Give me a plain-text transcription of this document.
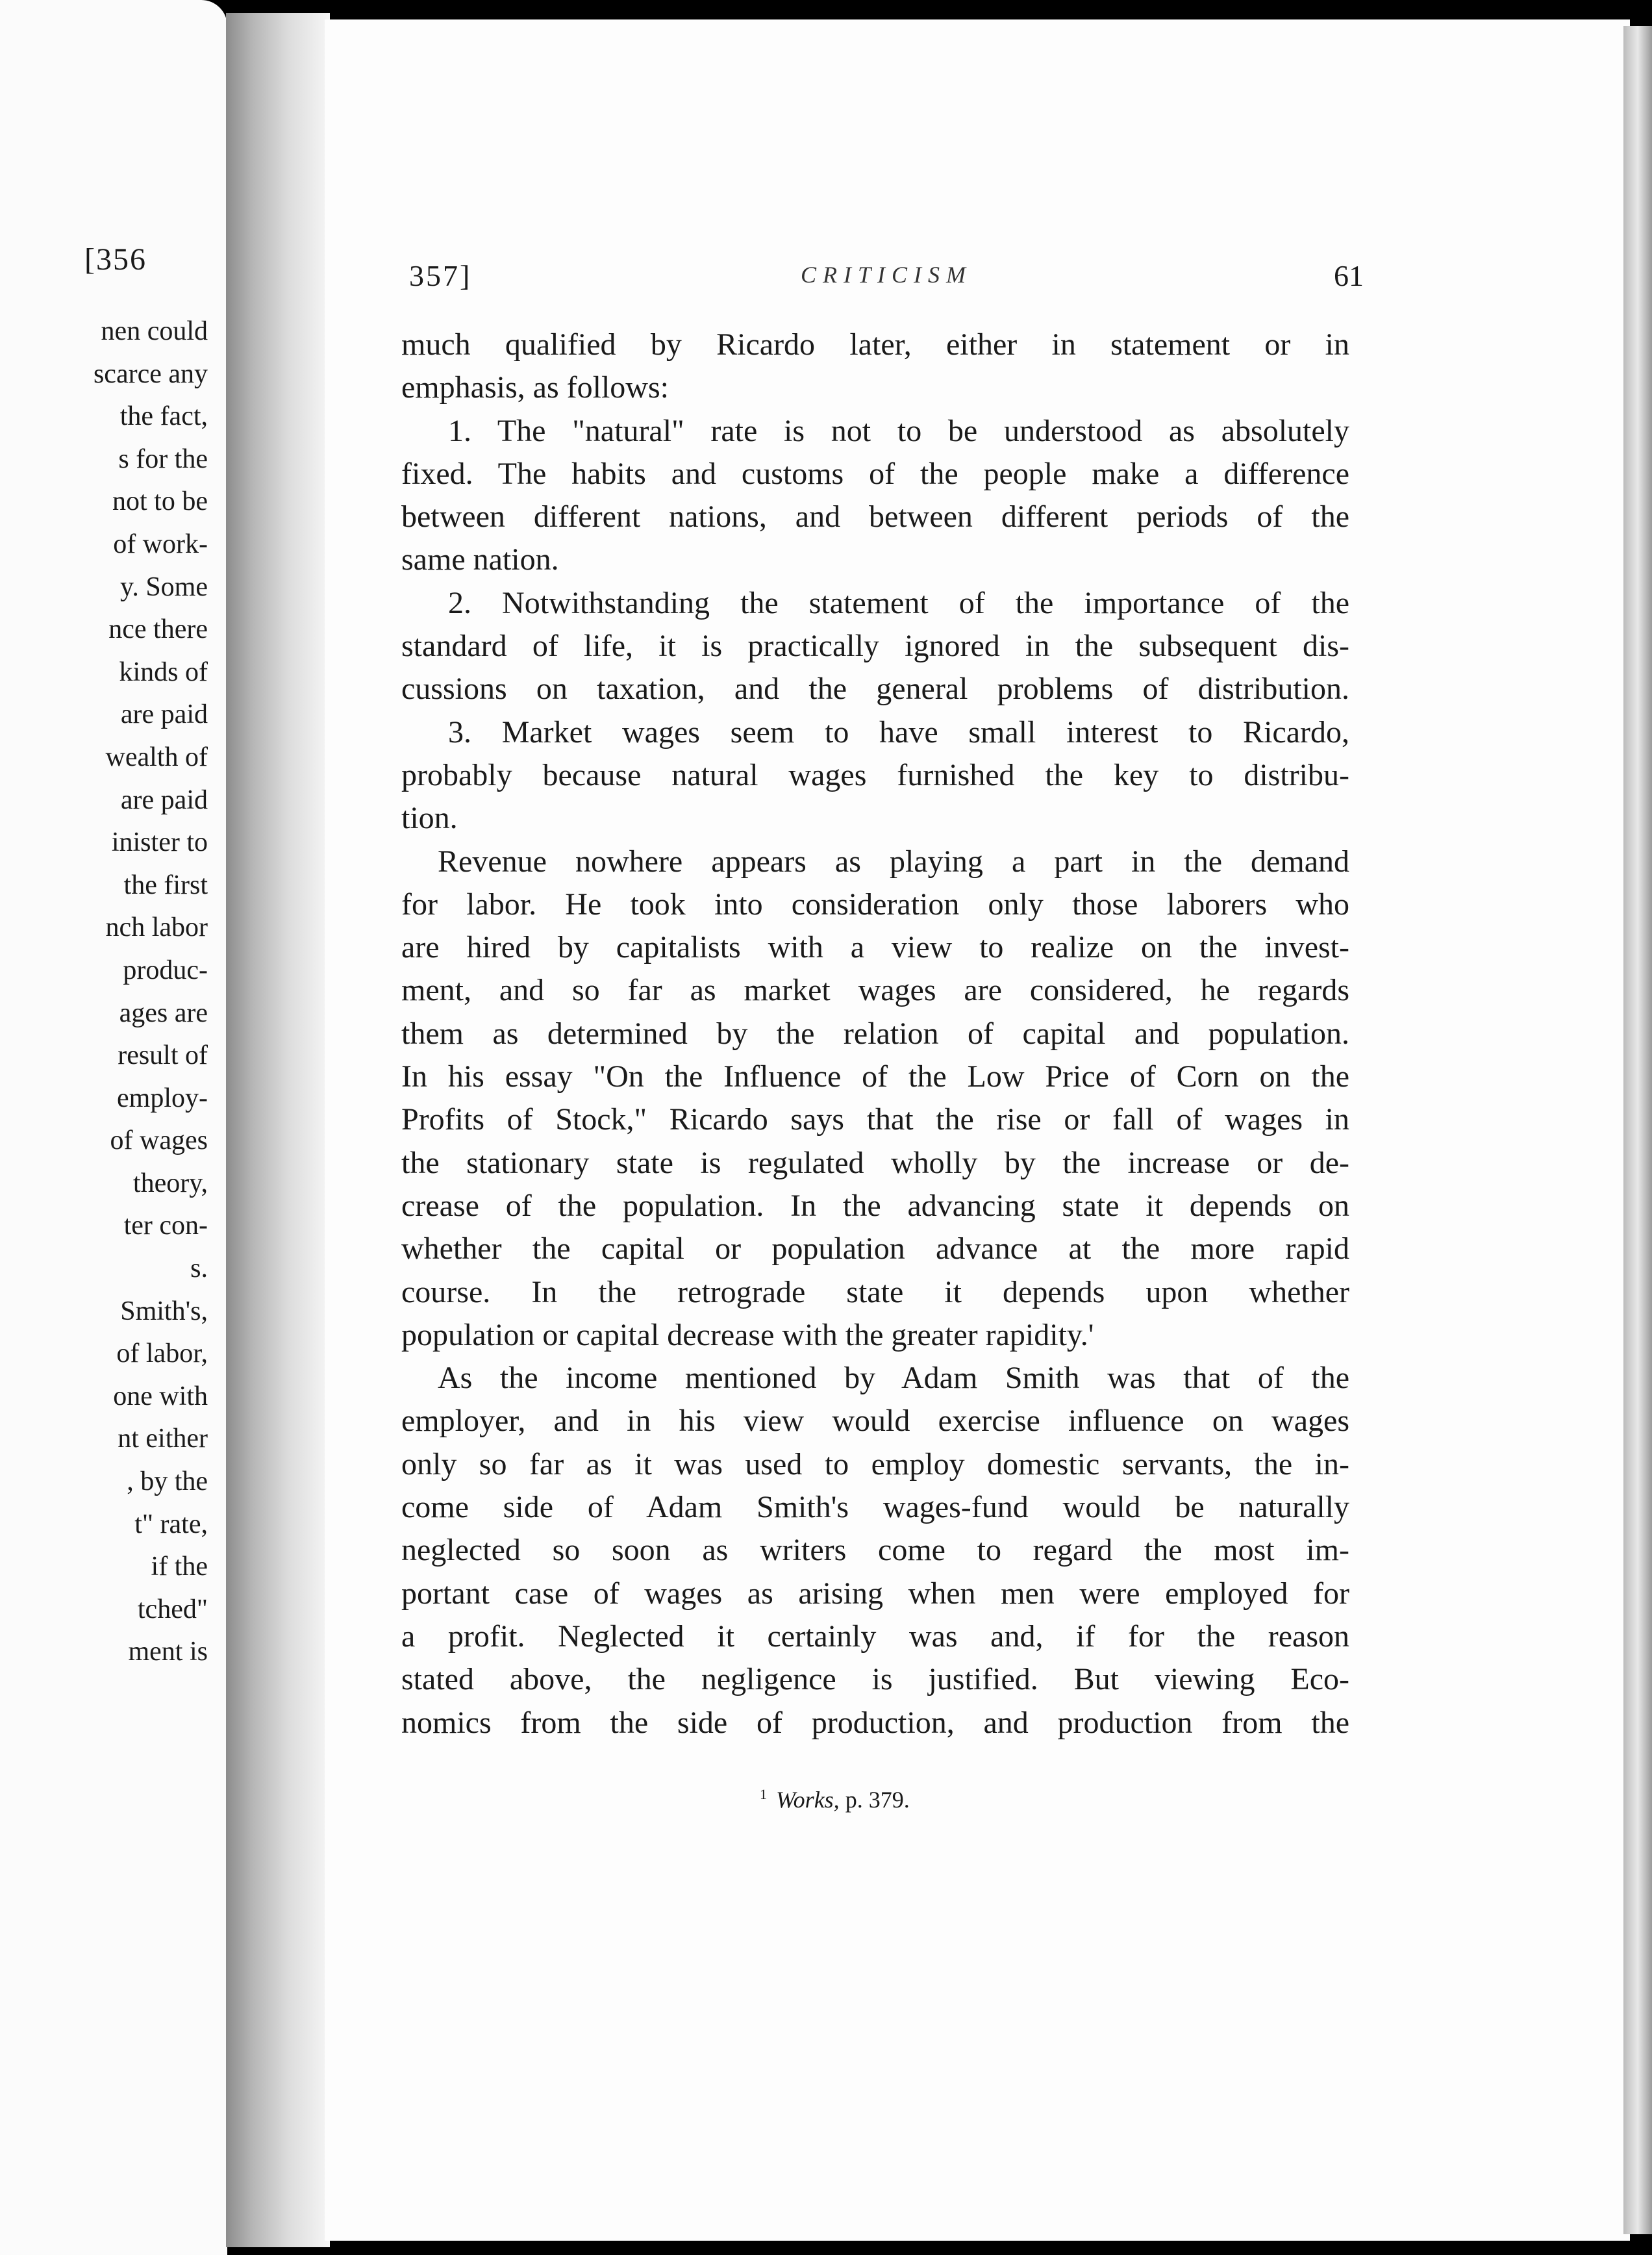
[356
nen could
scarce any
the fact,
s for the
not to be
of work-
y. Some
nce there
kinds of
are paid
wealth of
are paid
inister to
the first
nch labor
produc-
ages are
result of
employ-
of wages
theory,
ter con-
s.
Smith's,
of labor,
one with
nt either
, by the
t" rate,
if the
tched"
ment is
357]	CRITICISM	61
much qualified by Ricardo later, either in statement or in
emphasis, as follows:
1. The "natural" rate is not to be understood as absolutely
fixed. The habits and customs of the people make a difference
between different nations, and between different periods of the
same nation.
2. Notwithstanding the statement of the importance of the
standard of life, it is practically ignored in the subsequent dis-
cussions on taxation, and the general problems of distribution.
3. Market wages seem to have small interest to Ricardo,
probably because natural wages furnished the key to distribu-
tion.
Revenue nowhere appears as playing a part in the demand
for labor. He took into consideration only those laborers who
are hired by capitalists with a view to realize on the invest-
ment, and so far as market wages are considered, he regards
them as determined by the relation of capital and population.
In his essay "On the Influence of the Low Price of Corn on the
Profits of Stock," Ricardo says that the rise or fall of wages in
the stationary state is regulated wholly by the increase or de-
crease of the population. In the advancing state it depends on
whether the capital or population advance at the more rapid
course. In the retrograde state it depends upon whether
population or capital decrease with the greater rapidity.'
As the income mentioned by Adam Smith was that of the
employer, and in his view would exercise influence on wages
only so far as it was used to employ domestic servants, the in-
come side of Adam Smith's wages-fund would be naturally
neglected so soon as writers come to regard the most im-
portant case of wages as arising when men were employed for
a profit. Neglected it certainly was and, if for the reason
stated above, the negligence is justified. But viewing Eco-
nomics from the side of production, and production from the
$^1$ Works, p. 379.
